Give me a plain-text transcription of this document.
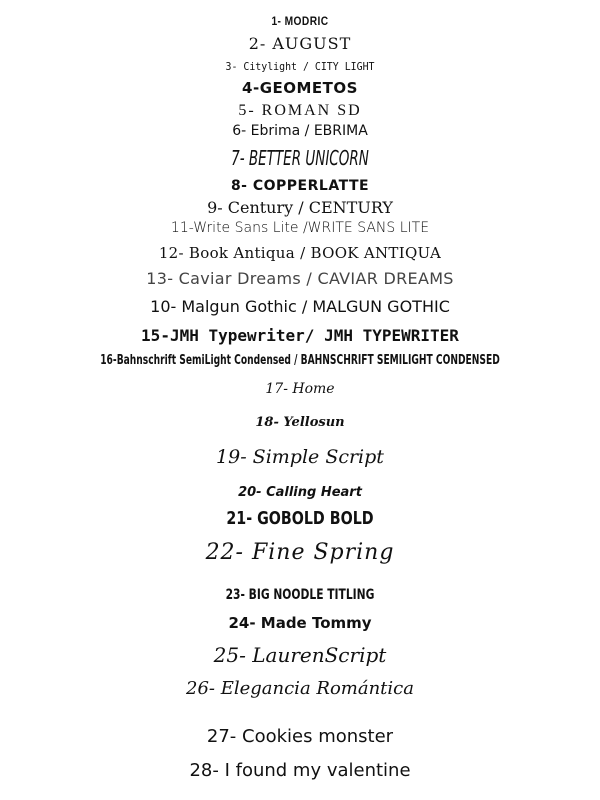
1- MODRIC

2- AUGUST

3- Citylight / CITY LIGHT

4-GEOMETOS

5- ROMAN SD

6- Ebrima / EBRIMA

7- BETTER UNICORN

8- COPPERLATTE

9- Century / CENTURY

11-Write Sans Lite /WRITE SANS LITE

12- Book Antiqua / BOOK ANTIQUA

13- Caviar Dreams / CAVIAR DREAMS

10- Malgun Gothic / MALGUN GOTHIC

15-JMH Typewriter/ JMH TYPEWRITER

16-Bahnschrift SemiLight Condensed / BAHNSCHRIFT SEMILIGHT CONDENSED

17- Home

18- Yellosun

19- Simple Script

20- Calling Heart

21- GOBOLD BOLD

22- Fine Spring

23- BIG NOODLE TITLING

24- Made Tommy

25- LaurenScript

26- Elegancia Romántica

27- Cookies monster

28- I found my valentine
